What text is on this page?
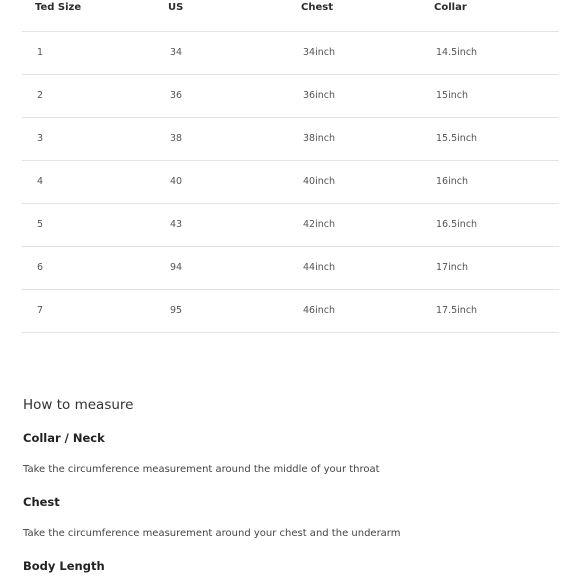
Ted Size	US	Chest	Collar
1	34	34inch	14.5inch
2	36	36inch	15inch
3	38	38inch	15.5inch
4	40	40inch	16inch
5	43	42inch	16.5inch
6	94	44inch	17inch
7	95	46inch	17.5inch
How to measure
Collar / Neck

Take the circumference measurement around the middle of your throat

Chest

Take the circumference measurement around your chest and the underarm

Body Length
